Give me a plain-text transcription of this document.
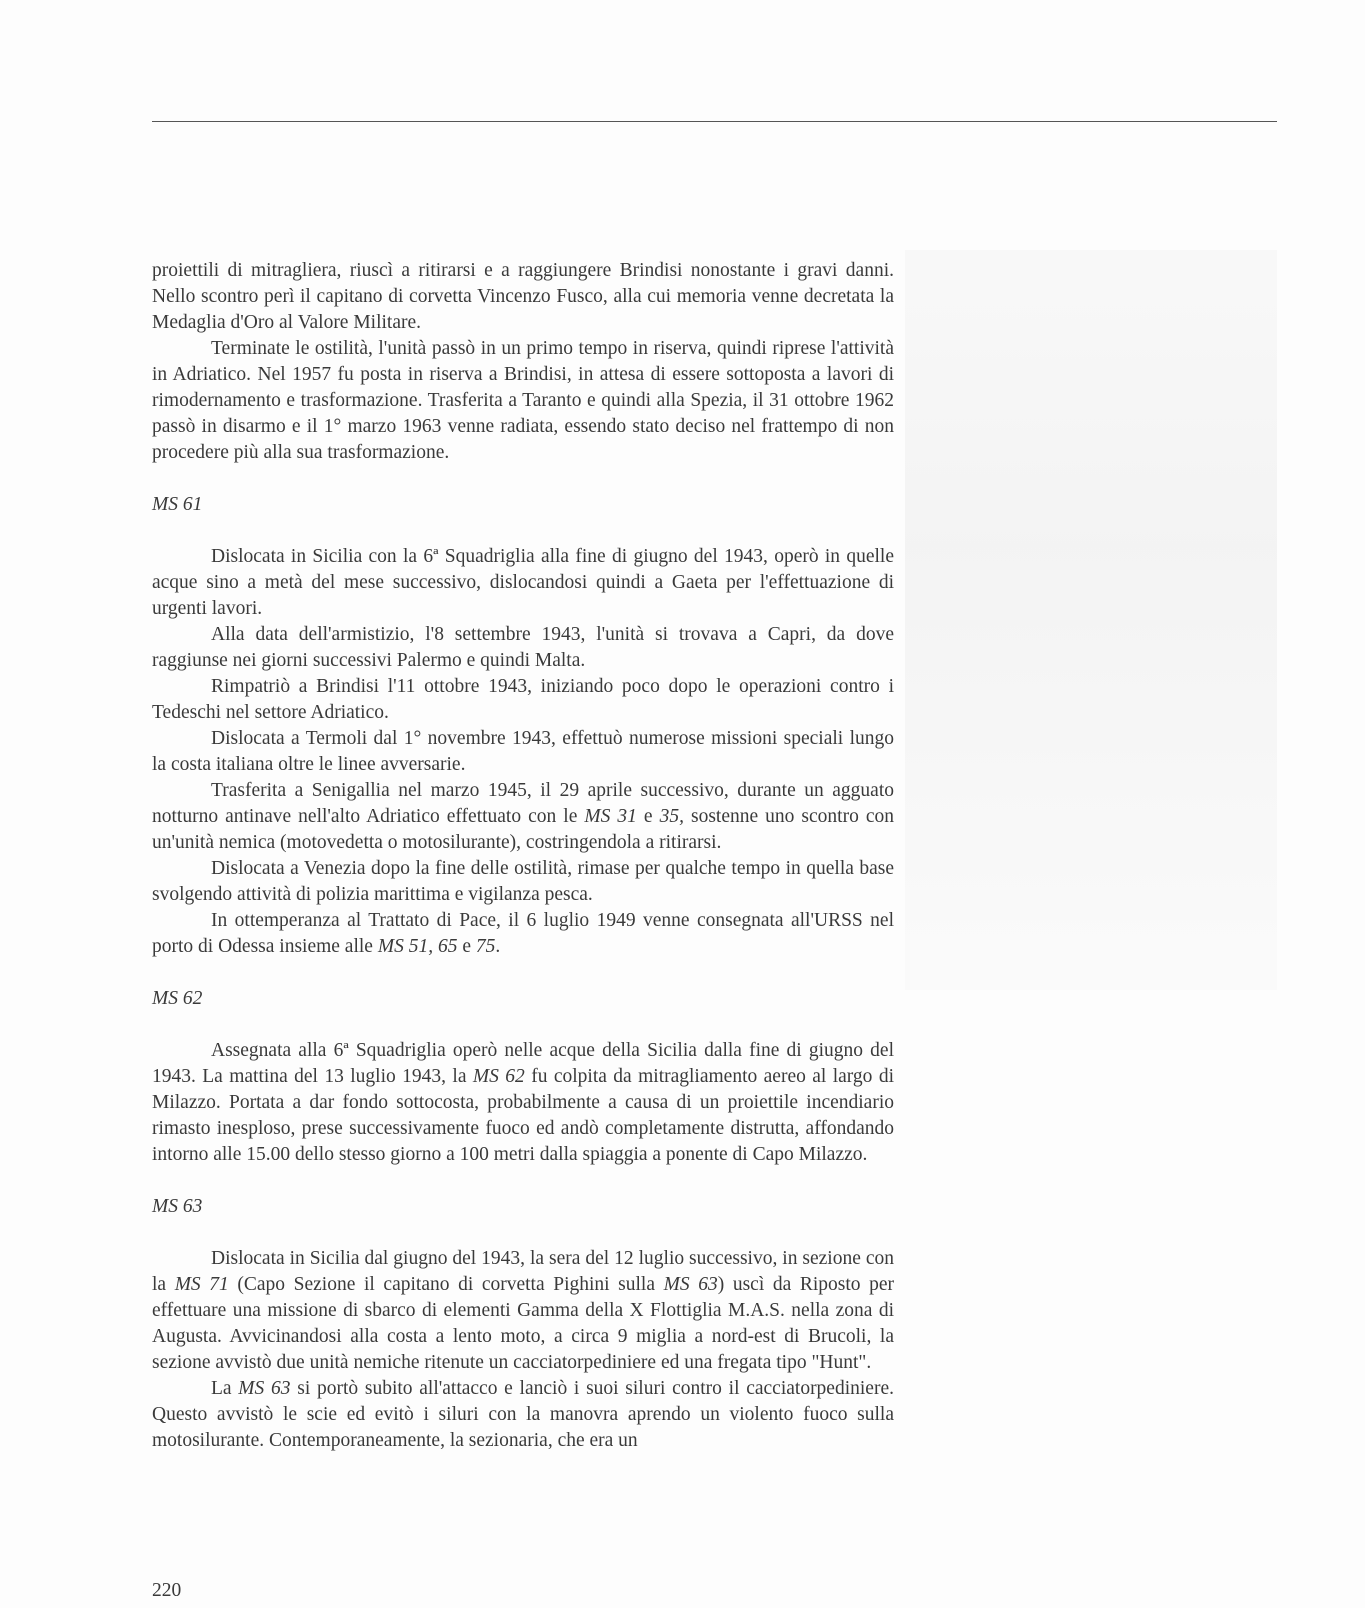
proiettili di mitragliera, riuscì a ritirarsi e a raggiungere Brindisi nonostante i gravi danni. Nello scontro perì il capitano di corvetta Vincenzo Fusco, alla cui memoria venne decretata la Medaglia d'Oro al Valore Militare.

Terminate le ostilità, l'unità passò in un primo tempo in riserva, quindi riprese l'attività in Adriatico. Nel 1957 fu posta in riserva a Brindisi, in attesa di essere sottoposta a lavori di rimodernamento e trasformazione. Trasferita a Taranto e quindi alla Spezia, il 31 ottobre 1962 passò in disarmo e il 1° marzo 1963 venne radiata, essendo stato deciso nel frattempo di non procedere più alla sua trasformazione.

MS 61

Dislocata in Sicilia con la 6ª Squadriglia alla fine di giugno del 1943, operò in quelle acque sino a metà del mese successivo, dislocandosi quindi a Gaeta per l'effettuazione di urgenti lavori.

Alla data dell'armistizio, l'8 settembre 1943, l'unità si trovava a Capri, da dove raggiunse nei giorni successivi Palermo e quindi Malta.

Rimpatriò a Brindisi l'11 ottobre 1943, iniziando poco dopo le operazioni contro i Tedeschi nel settore Adriatico.

Dislocata a Termoli dal 1° novembre 1943, effettuò numerose missioni speciali lungo la costa italiana oltre le linee avversarie.

Trasferita a Senigallia nel marzo 1945, il 29 aprile successivo, durante un agguato notturno antinave nell'alto Adriatico effettuato con le MS 31 e 35, sostenne uno scontro con un'unità nemica (motovedetta o motosilurante), costringendola a ritirarsi.

Dislocata a Venezia dopo la fine delle ostilità, rimase per qualche tempo in quella base svolgendo attività di polizia marittima e vigilanza pesca.

In ottemperanza al Trattato di Pace, il 6 luglio 1949 venne consegnata all'URSS nel porto di Odessa insieme alle MS 51, 65 e 75.

MS 62

Assegnata alla 6ª Squadriglia operò nelle acque della Sicilia dalla fine di giugno del 1943. La mattina del 13 luglio 1943, la MS 62 fu colpita da mitragliamento aereo al largo di Milazzo. Portata a dar fondo sottocosta, probabilmente a causa di un proiettile incendiario rimasto inesploso, prese successivamente fuoco ed andò completamente distrutta, affondando intorno alle 15.00 dello stesso giorno a 100 metri dalla spiaggia a ponente di Capo Milazzo.

MS 63

Dislocata in Sicilia dal giugno del 1943, la sera del 12 luglio successivo, in sezione con la MS 71 (Capo Sezione il capitano di corvetta Pighini sulla MS 63) uscì da Riposto per effettuare una missione di sbarco di elementi Gamma della X Flottiglia M.A.S. nella zona di Augusta. Avvicinandosi alla costa a lento moto, a circa 9 miglia a nord-est di Brucoli, la sezione avvistò due unità nemiche ritenute un cacciatorpediniere ed una fregata tipo "Hunt".

La MS 63 si portò subito all'attacco e lanciò i suoi siluri contro il cacciatorpediniere. Questo avvistò le scie ed evitò i siluri con la manovra aprendo un violento fuoco sulla motosilurante. Contemporaneamente, la sezionaria, che era un

220
